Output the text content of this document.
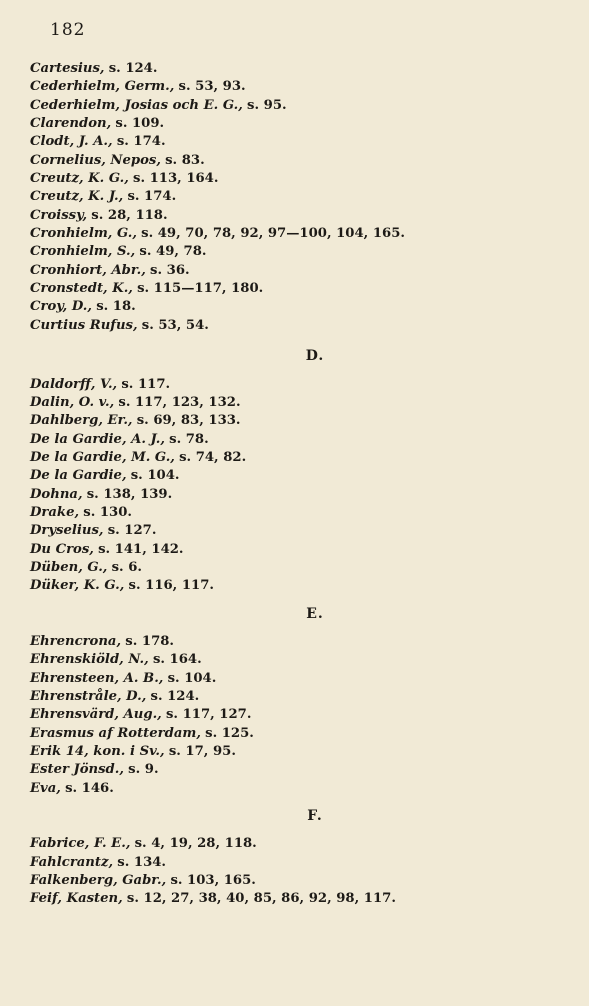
182
Cartesius, s. 124.
Cederhielm, Germ., s. 53, 93.
Cederhielm, Josias och E. G., s. 95.
Clarendon, s. 109.
Clodt, J. A., s. 174.
Cornelius, Nepos, s. 83.
Creutz, K. G., s. 113, 164.
Creutz, K. J., s. 174.
Croissy, s. 28, 118.
Cronhielm, G., s. 49, 70, 78, 92, 97—100, 104, 165.
Cronhielm, S., s. 49, 78.
Cronhiort, Abr., s. 36.
Cronstedt, K., s. 115—117, 180.
Croy, D., s. 18.
Curtius Rufus, s. 53, 54.
D.
Daldorff, V., s. 117.
Dalin, O. v., s. 117, 123, 132.
Dahlberg, Er., s. 69, 83, 133.
De la Gardie, A. J., s. 78.
De la Gardie, M. G., s. 74, 82.
De la Gardie, s. 104.
Dohna, s. 138, 139.
Drake, s. 130.
Dryselius, s. 127.
Du Cros, s. 141, 142.
Düben, G., s. 6.
Düker, K. G., s. 116, 117.
E.
Ehrencrona, s. 178.
Ehrenskiöld, N., s. 164.
Ehrensteen, A. B., s. 104.
Ehrenstråle, D., s. 124.
Ehrensvärd, Aug., s. 117, 127.
Erasmus af Rotterdam, s. 125.
Erik 14, kon. i Sv., s. 17, 95.
Ester Jönsd., s. 9.
Eva, s. 146.
F.
Fabrice, F. E., s. 4, 19, 28, 118.
Fahlcrantz, s. 134.
Falkenberg, Gabr., s. 103, 165.
Feif, Kasten, s. 12, 27, 38, 40, 85, 86, 92, 98, 117.
